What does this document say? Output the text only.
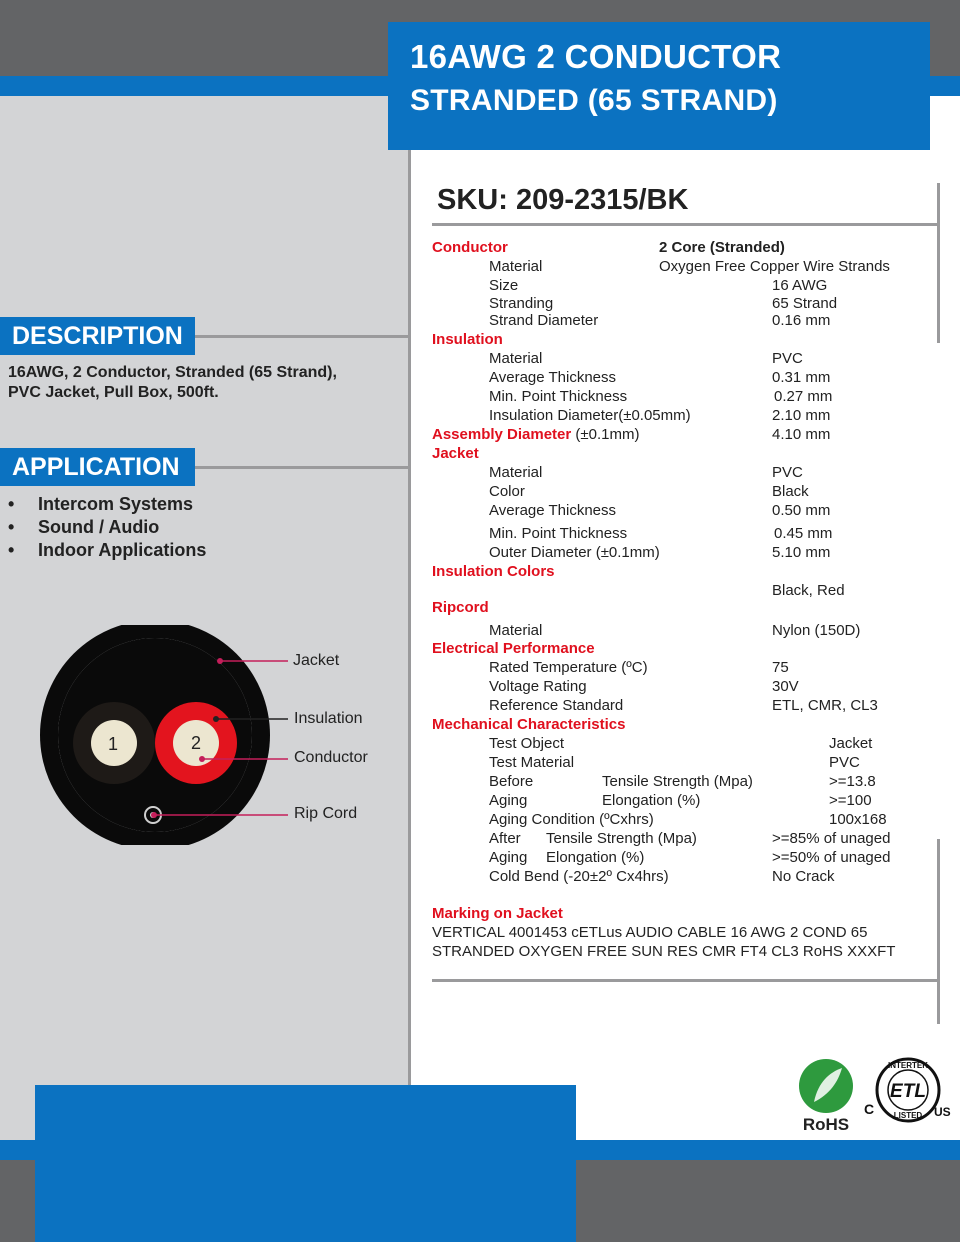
16AWG 2 CONDUCTOR
STRANDED (65 STRAND)
DESCRIPTION
16AWG, 2 Conductor, Stranded (65 Strand),
PVC Jacket, Pull Box, 500ft.
APPLICATION
• Intercom Systems
• Sound / Audio
• Indoor Applications
1	2
Jacket
Insulation
Conductor
Rip Cord
SKU: 209-2315/BK
Conductor	2 Core (Stranded)
Material	Oxygen Free Copper Wire Strands
Size	16 AWG
Stranding	65 Strand
Strand Diameter	0.16 mm
Insulation
Material	PVC
Average Thickness	0.31 mm
Min. Point Thickness	0.27 mm
Insulation Diameter(±0.05mm)	2.10 mm
Assembly Diameter (±0.1mm)	4.10 mm
Jacket
Material	PVC
Color	Black
Average Thickness	0.50 mm
Min. Point Thickness	0.45 mm
Outer Diameter (±0.1mm)	5.10 mm
Insulation Colors
Black, Red
Ripcord
Material	Nylon (150D)
Electrical Performance
Rated Temperature (ºC)	75
Voltage Rating	30V
Reference Standard	ETL, CMR, CL3
Mechanical Characteristics
Test Object	Jacket
Test Material	PVC
Before	Tensile Strength (Mpa)	>=13.8
Aging	Elongation (%)	>=100
Aging Condition (ºCxhrs)	100x168
After Tensile Strength (Mpa)	>=85% of unaged
Aging Elongation (%)	>=50% of unaged
Cold Bend (-20±2º Cx4hrs)	No Crack
Marking on Jacket
VERTICAL 4001453 cETLus AUDIO CABLE 16 AWG 2 COND 65
STRANDED OXYGEN FREE SUN RES CMR FT4 CL3 RoHS XXXFT
RoHS
INTERTEK
ETL
LISTED
C	US
